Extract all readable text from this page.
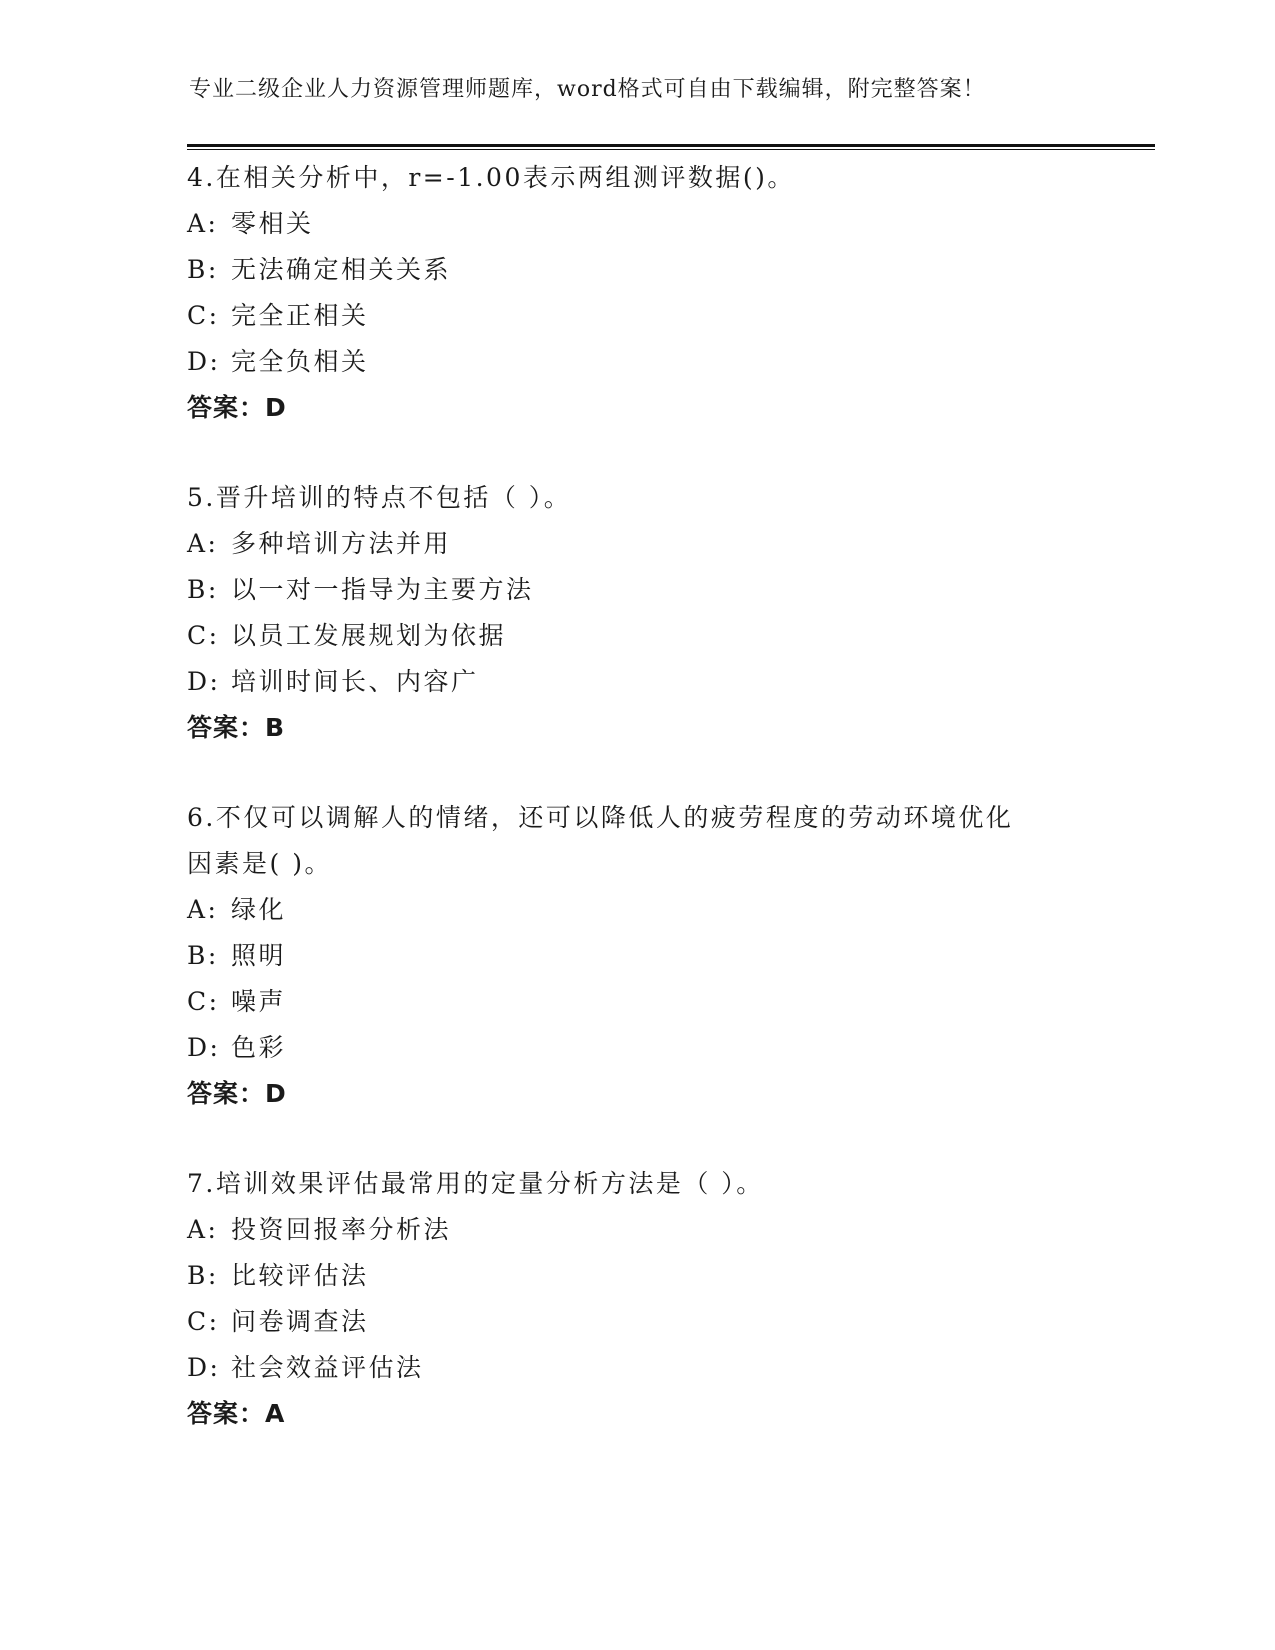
专业二级企业人力资源管理师题库，word格式可自由下载编辑，附完整答案！
4.在相关分析中，r=-1.00表示两组测评数据()。
A: 零相关
B: 无法确定相关关系
C: 完全正相关
D: 完全负相关
答案：D
5.晋升培训的特点不包括（ ）。
A: 多种培训方法并用
B: 以一对一指导为主要方法
C: 以员工发展规划为依据
D: 培训时间长、内容广
答案：B
6.不仅可以调解人的情绪，还可以降低人的疲劳程度的劳动环境优化因素是( )。
A: 绿化
B: 照明
C: 噪声
D: 色彩
答案：D
7.培训效果评估最常用的定量分析方法是（ ）。
A: 投资回报率分析法
B: 比较评估法
C: 问卷调查法
D: 社会效益评估法
答案：A
